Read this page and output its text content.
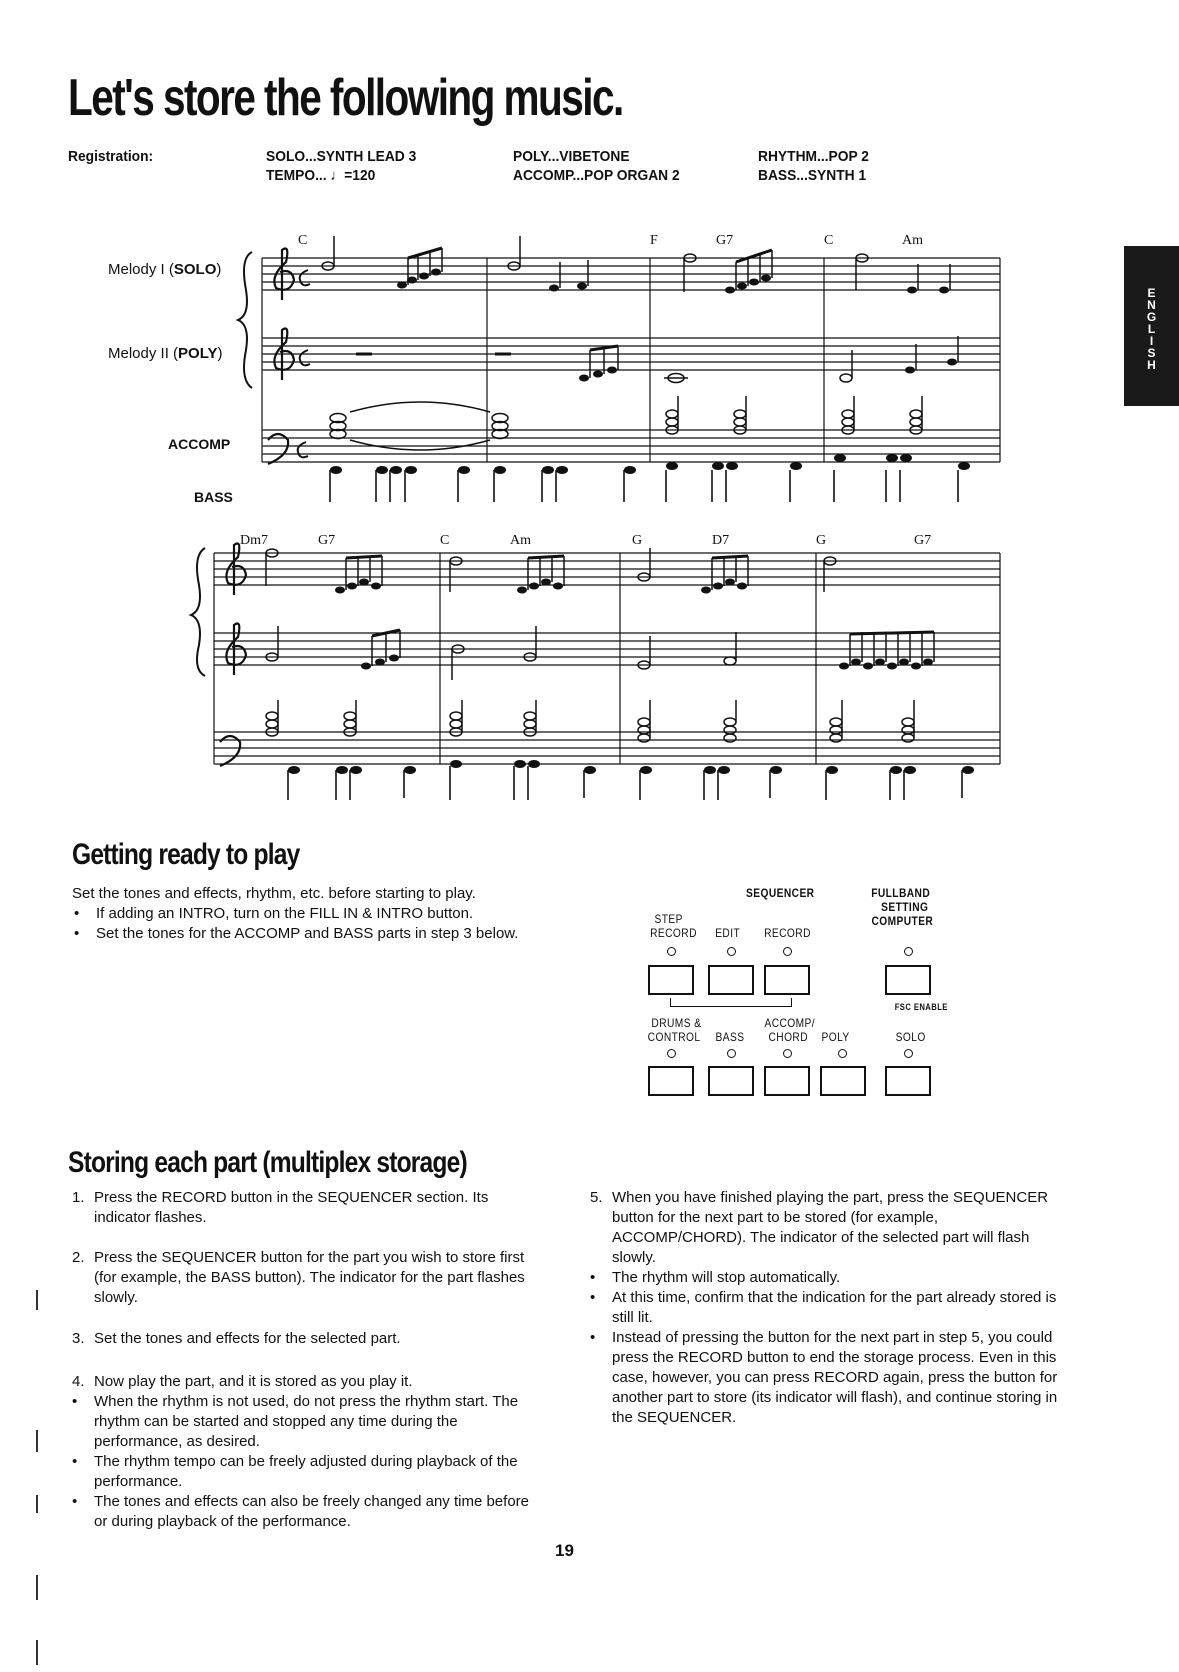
Let's store the following music.
Registration:	SOLO...SYNTH LEAD 3	POLY...VIBETONE	RHYTHM...POP 2
TEMPO... ♩=120	ACCOMP...POP ORGAN 2	BASS...SYNTH 1
E
N
G
L
I
S
H
Melody I (SOLO)
Melody II (POLY)
ACCOMP
BASS
C	F	G7	C	Am
Dm7	G7	C	Am	G	D7	G	G7
Getting ready to play
Set the tones and effects, rhythm, etc. before starting to play.
• If adding an INTRO, turn on the FILL IN & INTRO button.
• Set the tones for the ACCOMP and BASS parts in step 3 below.
SEQUENCER	FULLBAND
SETTING
COMPUTER
STEP
RECORD EDIT RECORD
FSC ENABLE
DRUMS &
CONTROL BASS
ACCOMP/
CHORD POLY	SOLO
Storing each part (multiplex storage)
1. Press the RECORD button in the SEQUENCER section. Its indicator flashes.
2. Press the SEQUENCER button for the part you wish to store first (for example, the BASS button). The indicator for the part flashes slowly.
3. Set the tones and effects for the selected part.
4. Now play the part, and it is stored as you play it.
• When the rhythm is not used, do not press the rhythm start. The rhythm can be started and stopped any time during the performance, as desired.
• The rhythm tempo can be freely adjusted during playback of the performance.
• The tones and effects can also be freely changed any time before or during playback of the performance.
5. When you have finished playing the part, press the SEQUENCER button for the next part to be stored (for example, ACCOMP/CHORD). The indicator of the selected part will flash slowly.
• The rhythm will stop automatically.
• At this time, confirm that the indication for the part already stored is still lit.
• Instead of pressing the button for the next part in step 5, you could press the RECORD button to end the storage process. Even in this case, however, you can press RECORD again, press the button for another part to store (its indicator will flash), and continue storing in the SEQUENCER.
19
